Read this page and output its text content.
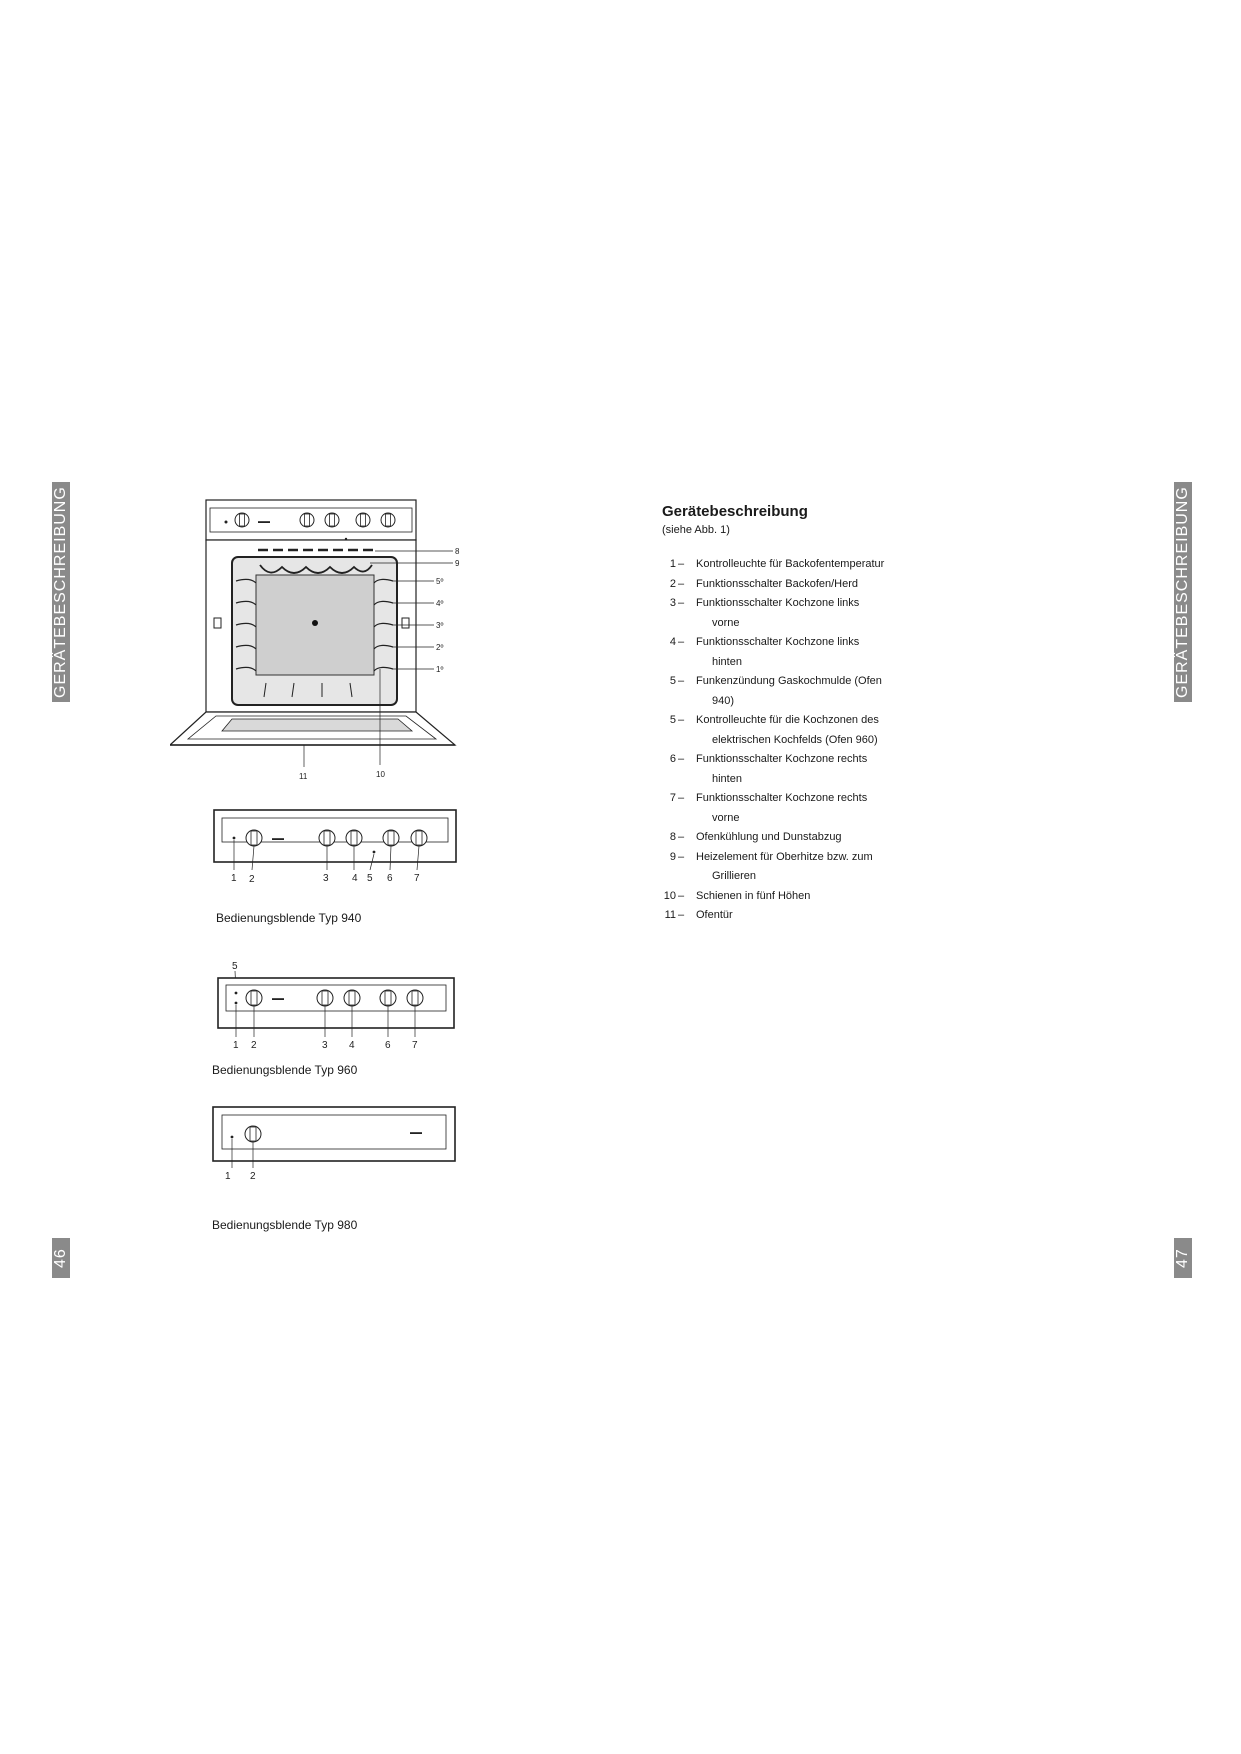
GERÄTEBESCHREIBUNG
46
GERÄTEBESCHREIBUNG
47
▬▬
8
9
5º
4º
3º
2º
1º
10
11
▬▬
1 2	3 4 5 6 7
Bedienungsblende Typ 940
5
▬▬
1 2	3 4	6 7
Bedienungsblende Typ 960
▬▬
1 2
Bedienungsblende Typ 980
Gerätebeschreibung

(siehe Abb. 1)

1 – Kontrolleuchte für Backofentemperatur
2 – Funktionsschalter Backofen/Herd
3 – Funktionsschalter Kochzone links
vorne
4 – Funktionsschalter Kochzone links
hinten
5 – Funkenzündung Gaskochmulde (Ofen
940)
5 – Kontrolleuchte für die Kochzonen des
elektrischen Kochfelds (Ofen 960)
6 – Funktionsschalter Kochzone rechts
hinten
7 – Funktionsschalter Kochzone rechts
vorne
8 – Ofenkühlung und Dunstabzug
9 – Heizelement für Oberhitze bzw. zum
Grillieren
10 – Schienen in fünf Höhen
11 – Ofentür
